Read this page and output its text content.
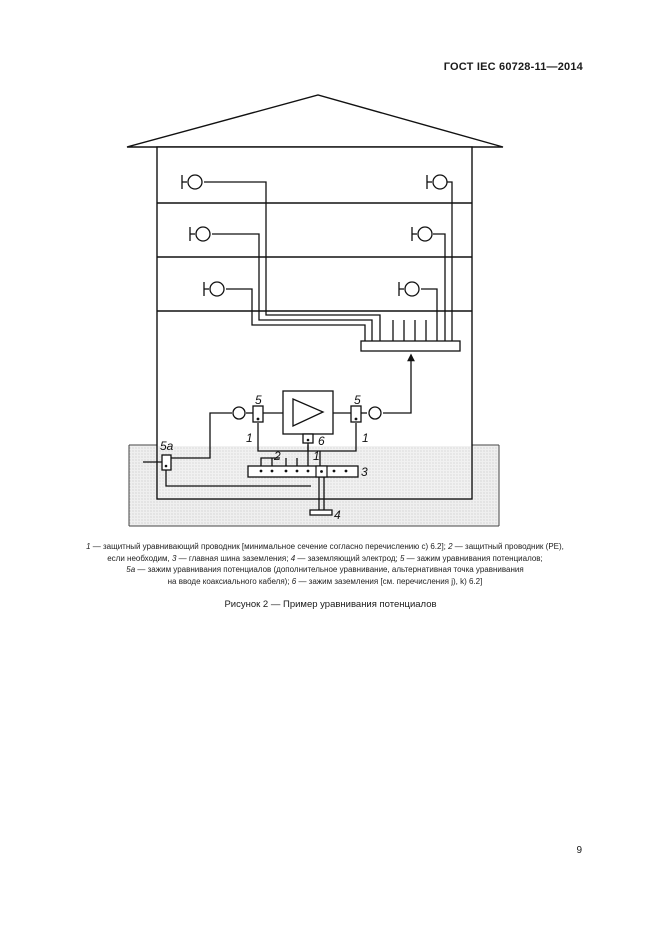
ГОСТ IEC 60728-11—2014
5	5
1	1
6
1
2
3
4
5а
1 — защитный уравнивающий проводник [минимальное сечение согласно перечислению с) 6.2]; 2 — защитный проводник (РЕ),
если необходим, 3 — главная шина заземления; 4 — заземляющий электрод; 5 — зажим уравнивания потенциалов;
5a — зажим уравнивания потенциалов (дополнительное уравнивание, альтернативная точка уравнивания
на вводе коаксиального кабеля); 6 — зажим заземления [см. перечисления j), k) 6.2]
Рисунок 2 — Пример уравнивания потенциалов
9
